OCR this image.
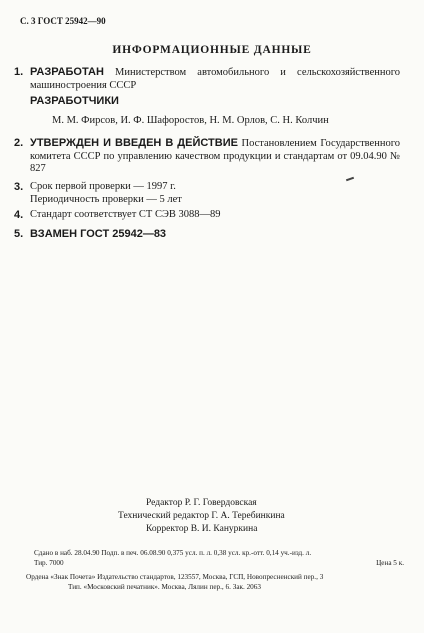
С. 3 ГОСТ 25942—90
ИНФОРМАЦИОННЫЕ ДАННЫЕ
1. РАЗРАБОТАН Министерством автомобильного и сельскохозяйственного машиностроения СССР
РАЗРАБОТЧИКИ
М. М. Фирсов, И. Ф. Шафоростов, Н. М. Орлов, С. Н. Колчин
2. УТВЕРЖДЕН И ВВЕДЕН В ДЕЙСТВИЕ Постановлением Государственного комитета СССР по управлению качеством продукции и стандартам от 09.04.90 № 827
3. Срок первой проверки — 1997 г.
Периодичность проверки — 5 лет
4. Стандарт соответствует СТ СЭВ 3088—89
5. ВЗАМЕН ГОСТ 25942—83
Редактор Р. Г. Говердовская
Технический редактор Г. А. Теребинкина
Корректор В. И. Кануркина
Сдано в наб. 28.04.90 Подп. в печ. 06.08.90 0,375 усл. п. л. 0,38 усл. кр.-отт. 0,14 уч.-изд. л.
Тир. 7000	Цена 5 к.
Ордена «Знак Почета» Издательство стандартов, 123557, Москва, ГСП, Новопресненский пер., 3
Тип. «Московский печатник». Москва, Лялин пер., 6. Зак. 2063
